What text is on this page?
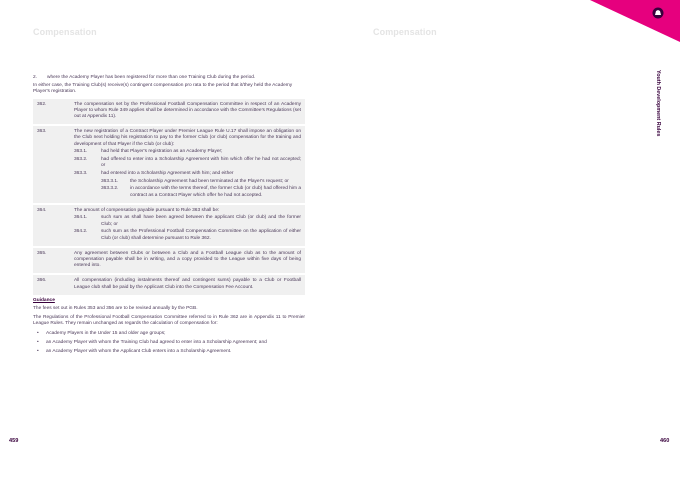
Compensation	Compensation
Youth Development Rules
2.	where the Academy Player has been registered for more than one Training Club during the period.

In either case, the Training Club(s) receive(s) contingent compensation pro rata to the period that it/they held the Academy Player's registration.

362.	The compensation set by the Professional Football Compensation Committee in respect of an Academy Player to whom Rule 349 applies shall be determined in accordance with the Committee's Regulations (set out at Appendix 11).
363.	The new registration of a Contract Player under Premier League Rule U.17 shall impose an obligation on the Club next holding his registration to pay to the former Club (or club) compensation for the training and development of that Player if the Club (or club):
363.1.	had held that Player's registration as an Academy Player;
363.2.	had offered to enter into a Scholarship Agreement with him which offer he had not accepted; or
363.3.	had entered into a Scholarship Agreement with him; and either
363.3.1.	the Scholarship Agreement had been terminated at the Player's request; or
363.3.2.	in accordance with the terms thereof, the former Club (or club) had offered him a contract as a Contract Player which offer he had not accepted.
364.	The amount of compensation payable pursuant to Rule 363 shall be:
364.1.	such sum as shall have been agreed between the applicant Club (or club) and the former Club; or
364.2.	such sum as the Professional Football Compensation Committee on the application of either Club (or club) shall determine pursuant to Rule 362.
365.	Any agreement between Clubs or between a Club and a Football League club as to the amount of compensation payable shall be in writing, and a copy provided to the League within five days of being entered into.
366.	All compensation (including instalments thereof and contingent sums) payable to a Club or Football League club shall be paid by the Applicant Club into the Compensation Fee Account.
Guidance

The fees set out in Rules 353 and 356 are to be revised annually by the PGB.

The Regulations of the Professional Football Compensation Committee referred to in Rule 362 are in Appendix 11 to Premier League Rules. They remain unchanged as regards the calculation of compensation for:

•	Academy Players in the Under 15 and older age groups;
•	an Academy Player with whom the Training Club had agreed to enter into a Scholarship Agreement; and
•	an Academy Player with whom the Applicant Club enters into a Scholarship Agreement.
459	460
